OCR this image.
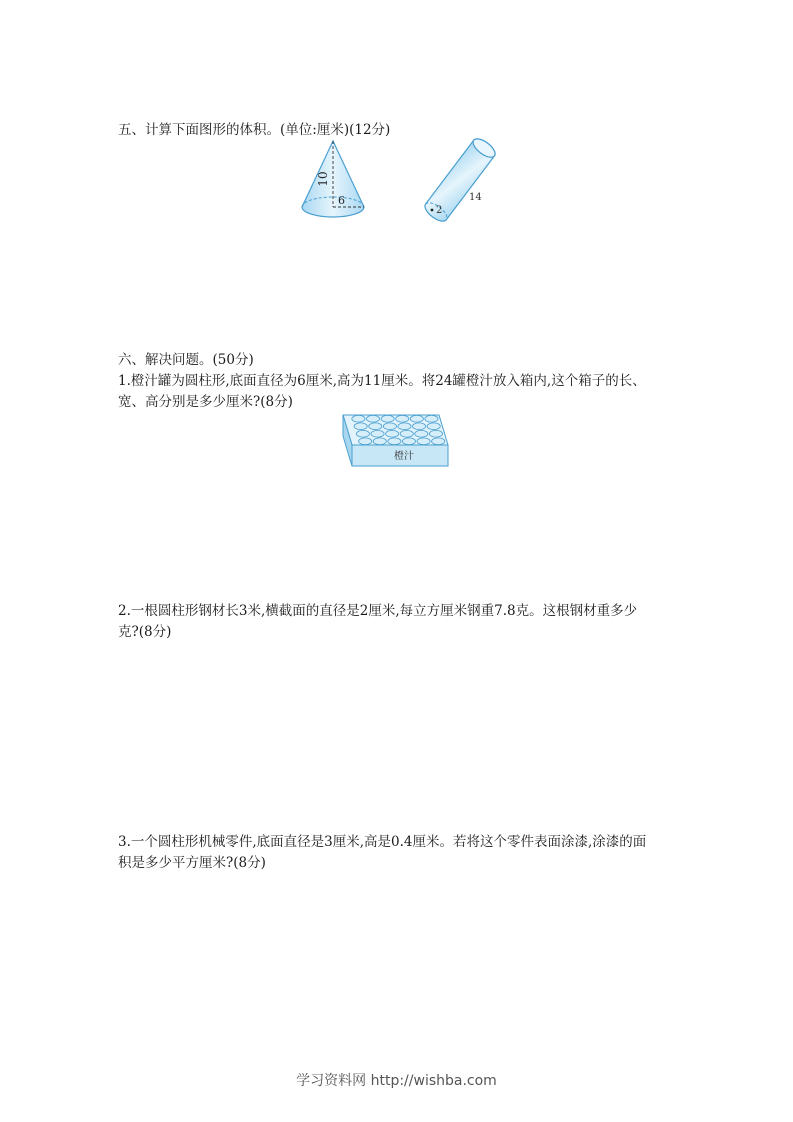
五、计算下面图形的体积。(单位:厘米)(12分)
10
6	14
2
六、解决问题。(50分)
1.橙汁罐为圆柱形,底面直径为6厘米,高为11厘米。将24罐橙汁放入箱内,这个箱子的长、
宽、高分别是多少厘米?(8分)
橙汁
2.一根圆柱形钢材长3米,横截面的直径是2厘米,每立方厘米钢重7.8克。这根钢材重多少
克?(8分)
3.一个圆柱形机械零件,底面直径是3厘米,高是0.4厘米。若将这个零件表面涂漆,涂漆的面
积是多少平方厘米?(8分)
学习资料网 http://wishba.com
